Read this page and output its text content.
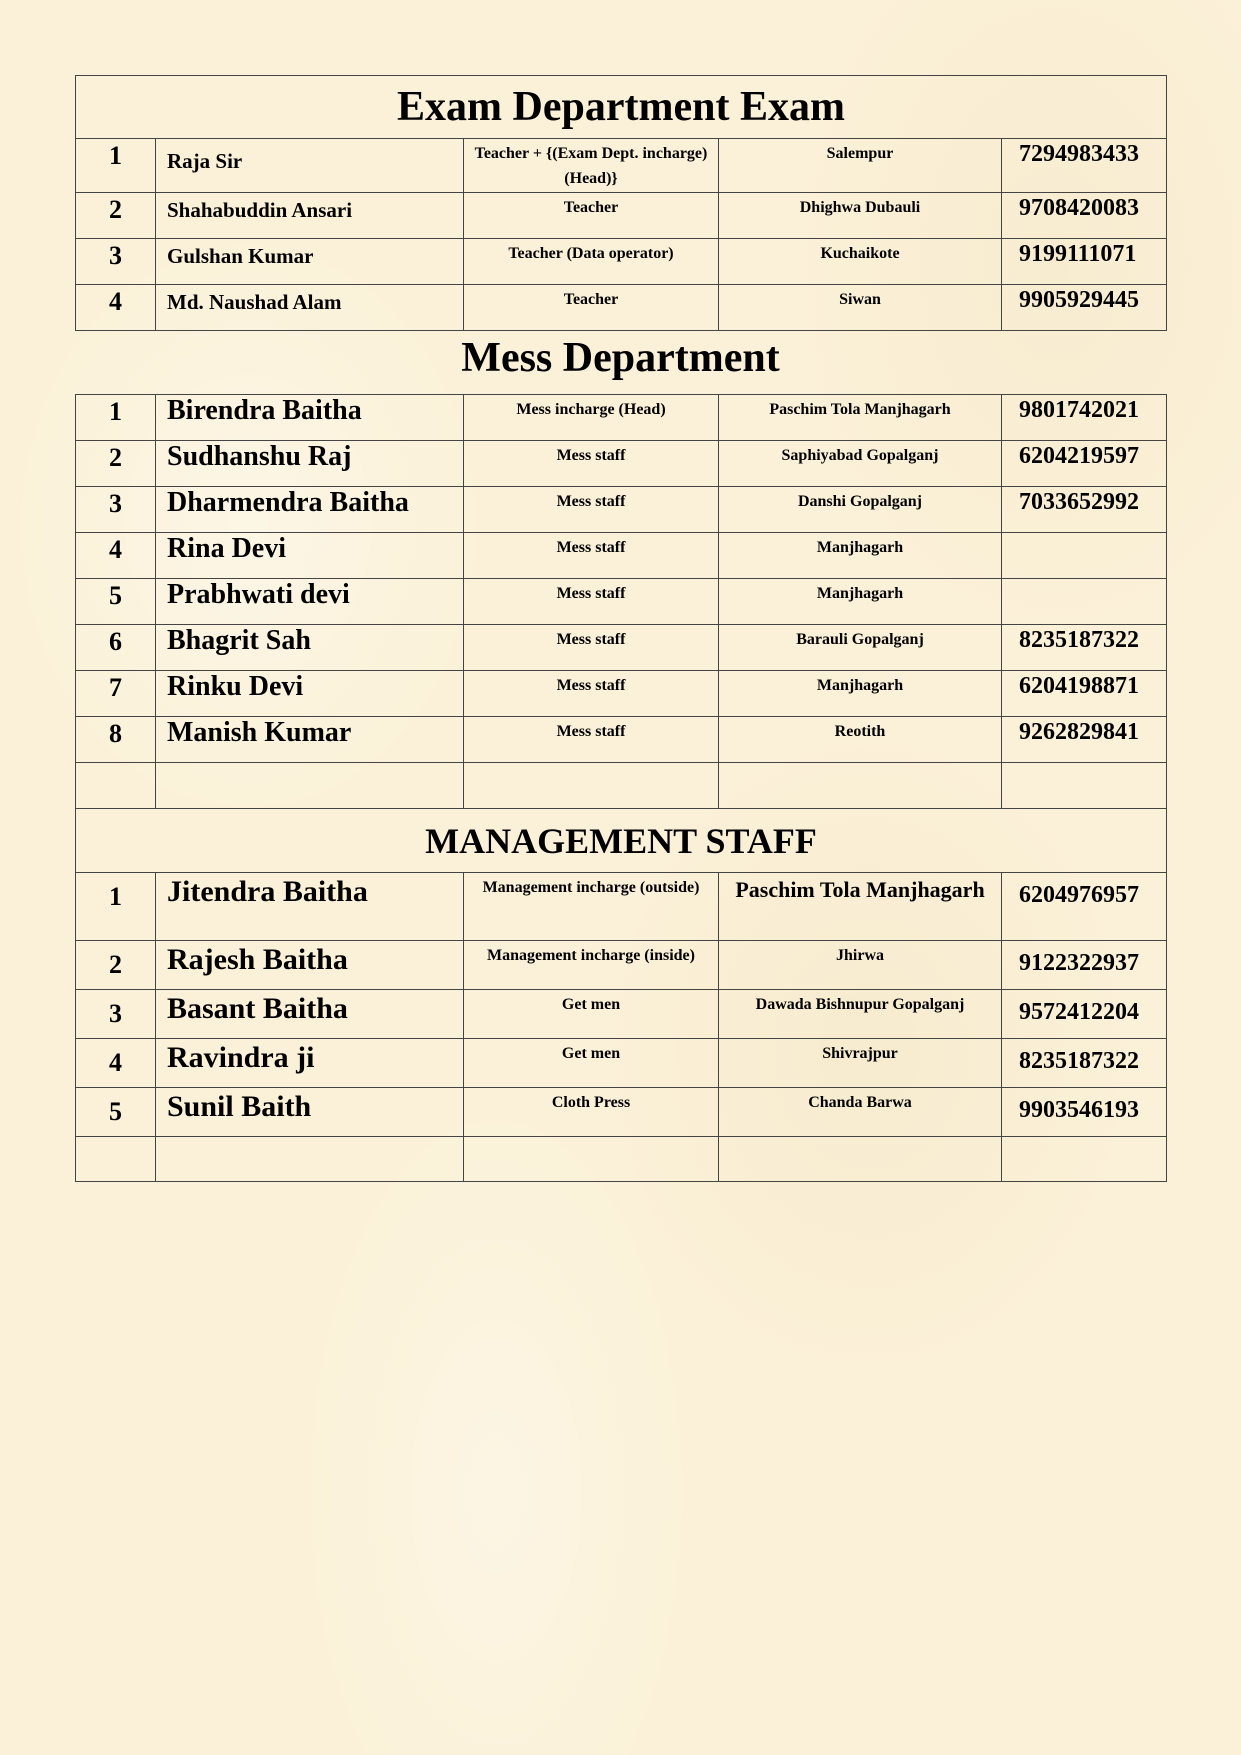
Exam Department Exam				
1	Raja Sir	Teacher + {(Exam Dept. incharge) (Head)}	Salempur	7294983433
2	Shahabuddin Ansari	Teacher	Dhighwa Dubauli	9708420083
3	Gulshan Kumar	Teacher (Data operator)	Kuchaikote	9199111071
4	Md. Naushad Alam	Teacher	Siwan	9905929445
Mess Department
1	Birendra Baitha	Mess incharge (Head)	Paschim Tola Manjhagarh	9801742021
2	Sudhanshu Raj	Mess staff	Saphiyabad Gopalganj	6204219597
3	Dharmendra Baitha	Mess staff	Danshi Gopalganj	7033652992
4	Rina Devi	Mess staff	Manjhagarh	
5	Prabhwati devi	Mess staff	Manjhagarh	
6	Bhagrit Sah	Mess staff	Barauli Gopalganj	8235187322
7	Rinku Devi	Mess staff	Manjhagarh	6204198871
8	Manish Kumar	Mess staff	Reotith	9262829841

MANAGEMENT STAFF				
1	Jitendra Baitha	Management incharge (outside)	Paschim Tola Manjhagarh	6204976957
2	Rajesh Baitha	Management incharge (inside)	Jhirwa	9122322937
3	Basant Baitha	Get men	Dawada Bishnupur Gopalganj	9572412204
4	Ravindra ji	Get men	Shivrajpur	8235187322
5	Sunil Baith	Cloth Press	Chanda Barwa	9903546193
